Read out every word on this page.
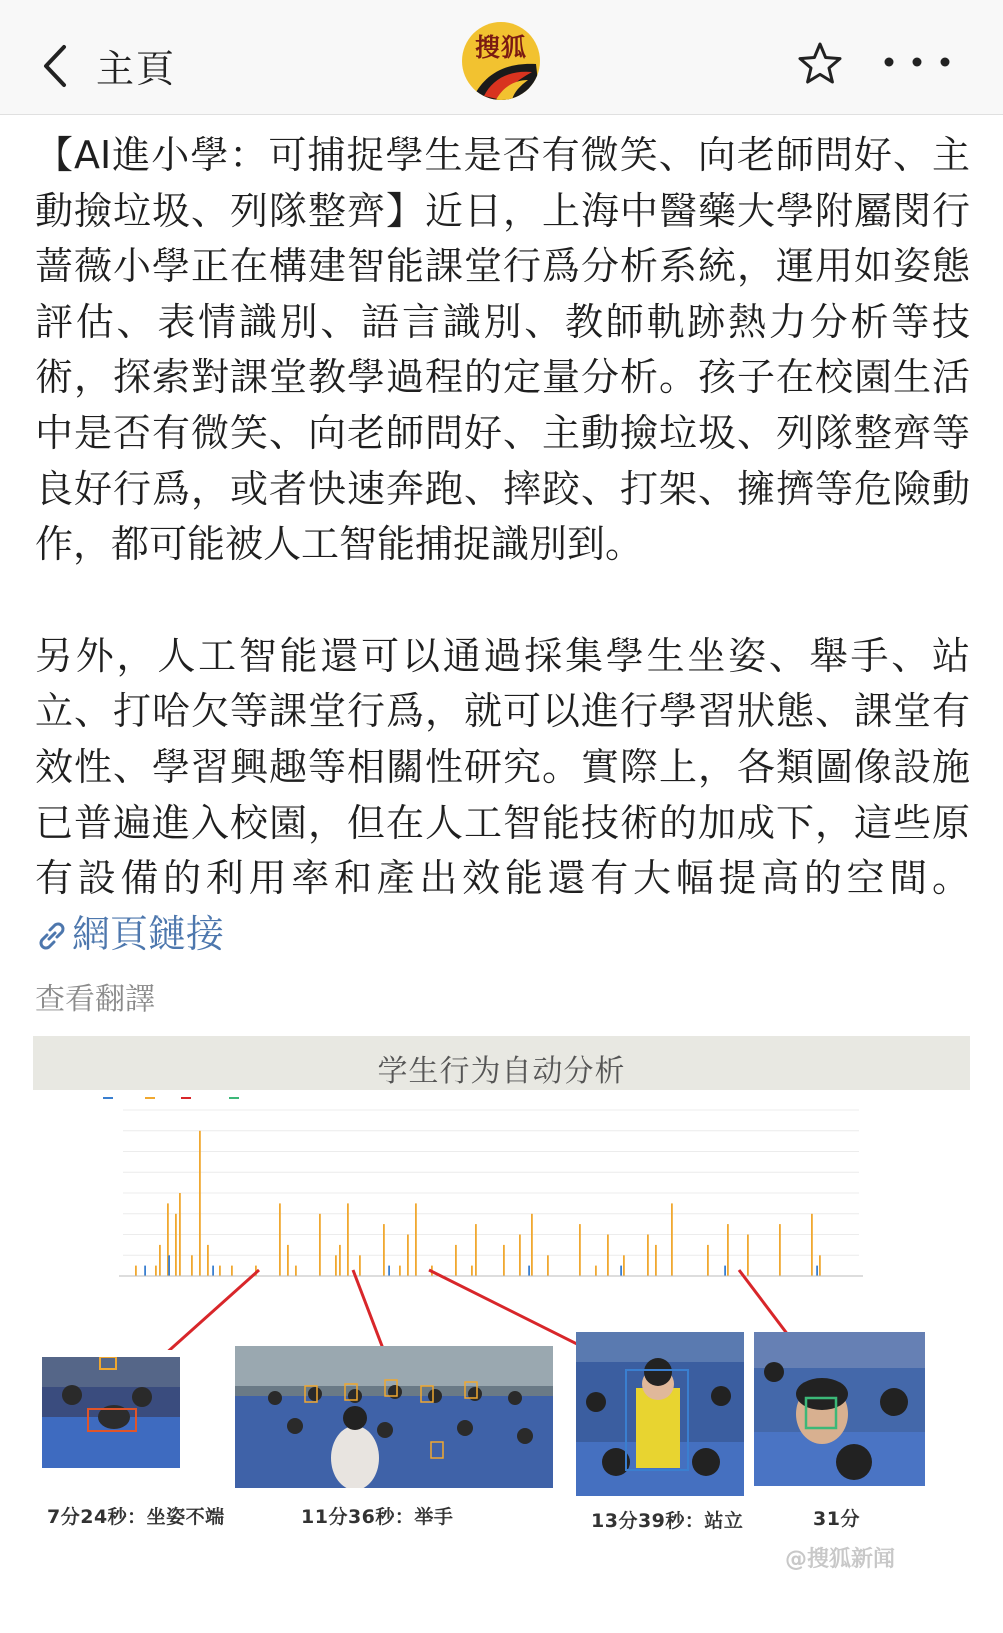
主頁	搜狐

【AI進小學：可捕捉學生是否有微笑、向老師問好、主動撿垃圾、列隊整齊】近日，上海中醫藥大學附屬閔行蔷薇小學正在構建智能課堂行爲分析系統，運用如姿態評估、表情識別、語言識別、教師軌跡熱力分析等技術，探索對課堂教學過程的定量分析。孩子在校園生活中是否有微笑、向老師問好、主動撿垃圾、列隊整齊等良好行爲，或者快速奔跑、摔跤、打架、擁擠等危險動作，都可能被人工智能捕捉識別到。

另外，人工智能還可以通過採集學生坐姿、舉手、站立、打哈欠等課堂行爲，就可以進行學習狀態、課堂有效性、學習興趣等相關性研究。實際上，各類圖像設施已普遍進入校園，但在人工智能技術的加成下，這些原有設備的利用率和產出效能還有大幅提高的空間。網頁鏈接

查看翻譯
学生行为自动分析
7分24秒：坐姿不端	11分36秒：举手	13分39秒：站立	31分
@搜狐新闻
